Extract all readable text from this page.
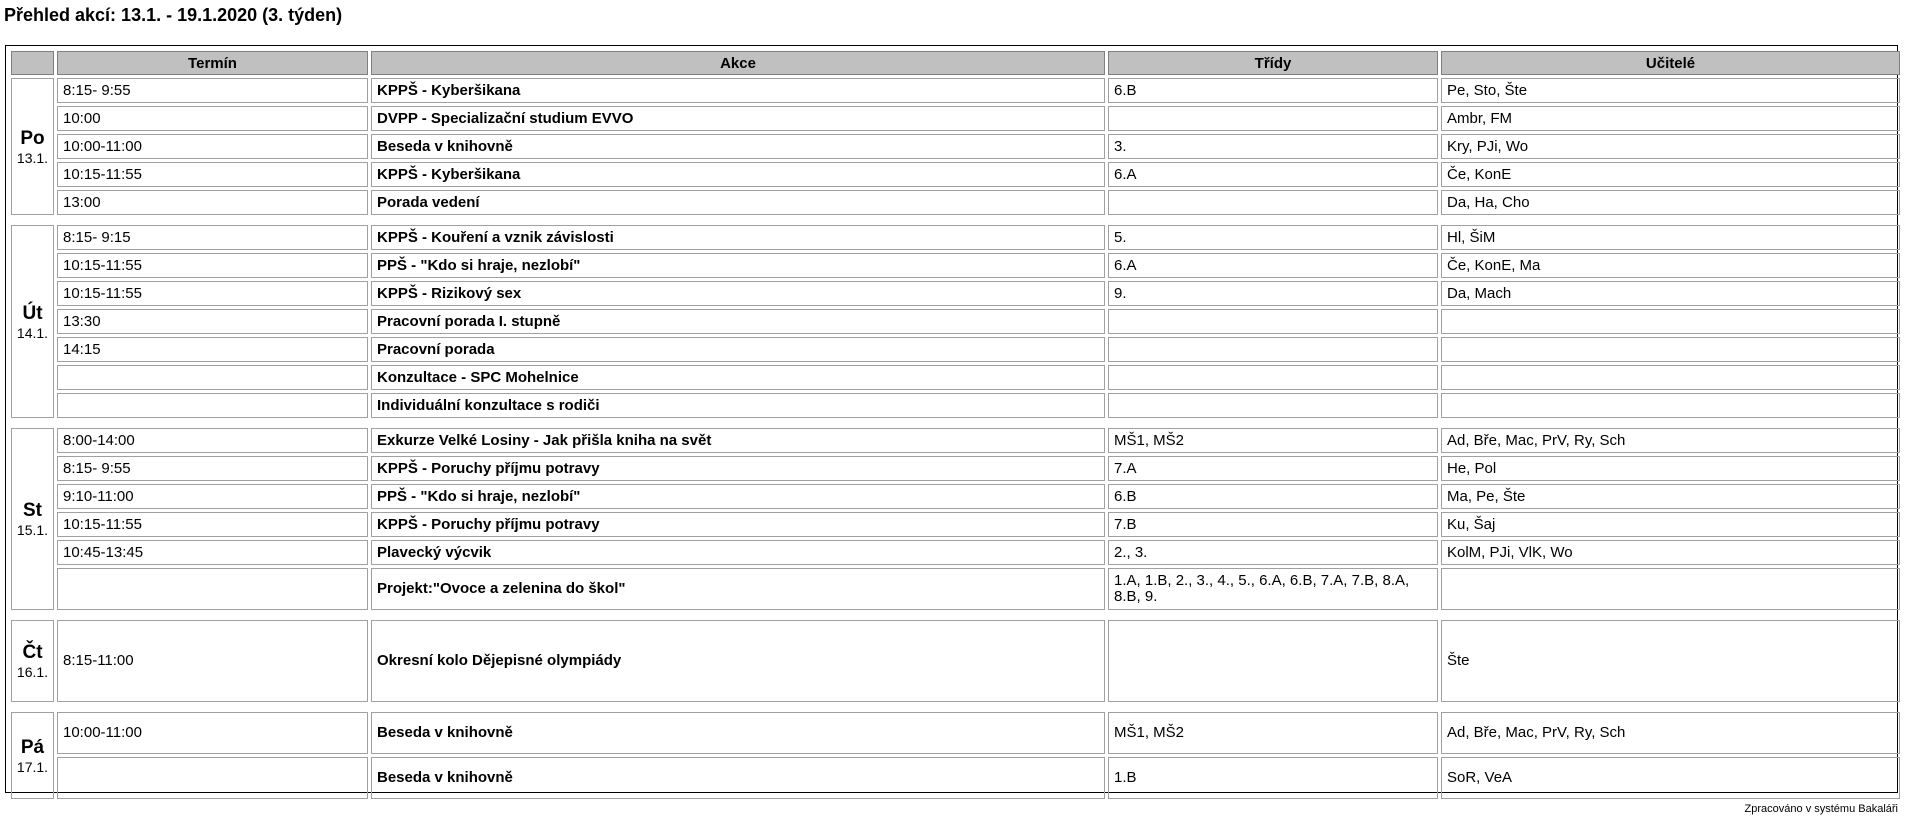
Přehled akcí: 13.1. - 19.1.2020 (3. týden)
	Termín	Akce	Třídy	Učitelé

Po
13.1.	8:15- 9:55	KPPŠ - Kyberšikana	6.B	Pe, Sto, Šte
	10:00	DVPP - Specializační studium EVVO		Ambr, FM
	10:00-11:00	Beseda v knihovně	3.	Kry, PJi, Wo
	10:15-11:55	KPPŠ - Kyberšikana	6.A	Če, KonE
	13:00	Porada vedení		Da, Ha, Cho

Út
14.1.	8:15- 9:15	KPPŠ - Kouření a vznik závislosti	5.	Hl, ŠiM
	10:15-11:55	PPŠ - "Kdo si hraje, nezlobí"	6.A	Če, KonE, Ma
	10:15-11:55	KPPŠ - Rizikový sex	9.	Da, Mach
	13:30	Pracovní porada I. stupně		
	14:15	Pracovní porada		
		Konzultace - SPC Mohelnice		
		Individuální konzultace s rodiči		

St
15.1.	8:00-14:00	Exkurze Velké Losiny - Jak přišla kniha na svět	MŠ1, MŠ2	Ad, Bře, Mac, PrV, Ry, Sch
	8:15- 9:55	KPPŠ - Poruchy příjmu potravy	7.A	He, Pol
	9:10-11:00	PPŠ - "Kdo si hraje, nezlobí"	6.B	Ma, Pe, Šte
	10:15-11:55	KPPŠ - Poruchy příjmu potravy	7.B	Ku, Šaj
	10:45-13:45	Plavecký výcvik	2., 3.	KolM, PJi, VlK, Wo
		Projekt:"Ovoce a zelenina do škol"	1.A, 1.B, 2., 3., 4., 5., 6.A, 6.B, 7.A, 7.B, 8.A, 8.B, 9.	

Čt
16.1.	8:15-11:00	Okresní kolo Dějepisné olympiády		Šte

Pá
17.1.	10:00-11:00	Beseda v knihovně	MŠ1, MŠ2	Ad, Bře, Mac, PrV, Ry, Sch
		Beseda v knihovně	1.B	SoR, VeA
Zpracováno v systému Bakaláři
